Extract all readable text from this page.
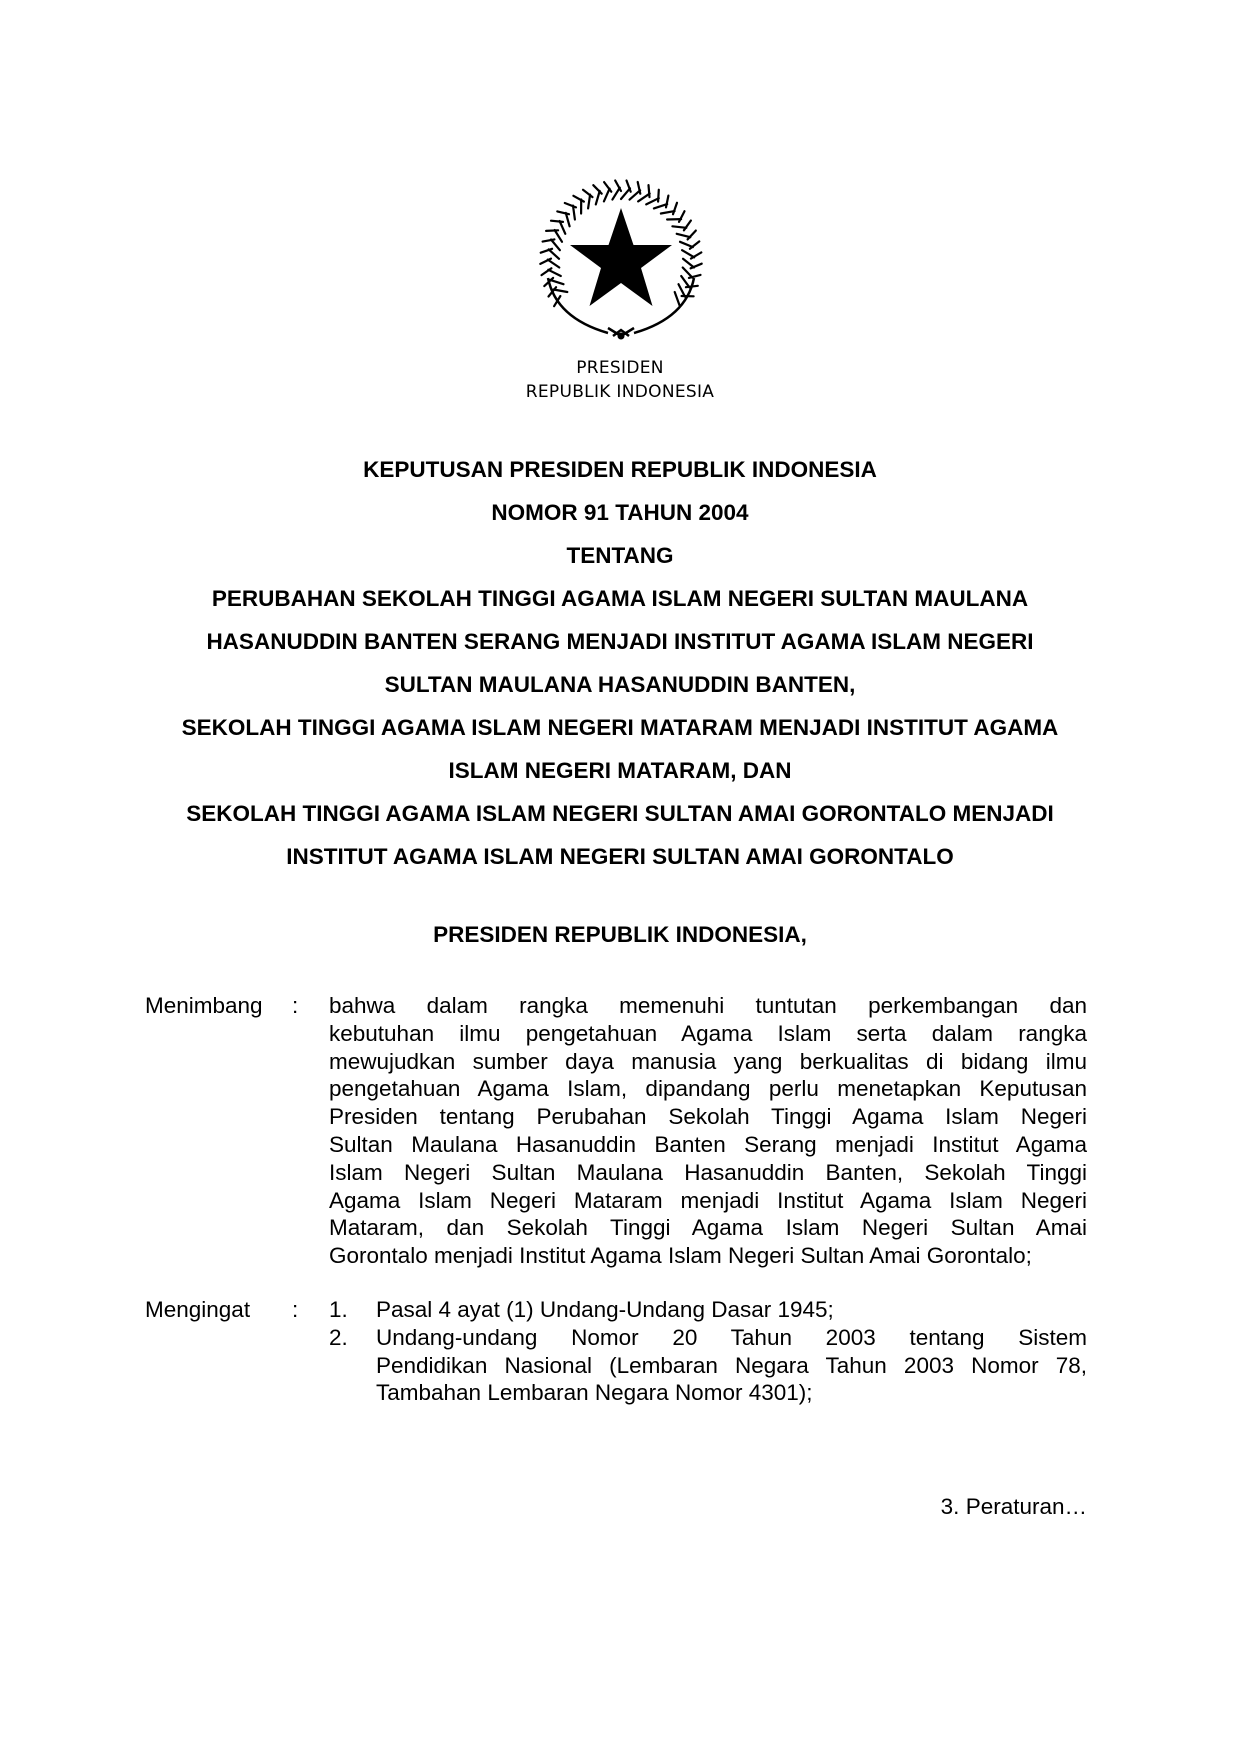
PRESIDEN
REPUBLIK INDONESIA
KEPUTUSAN PRESIDEN REPUBLIK INDONESIA
NOMOR 91 TAHUN 2004
TENTANG
PERUBAHAN SEKOLAH TINGGI AGAMA ISLAM NEGERI SULTAN MAULANA
HASANUDDIN BANTEN SERANG MENJADI INSTITUT AGAMA ISLAM NEGERI
SULTAN MAULANA HASANUDDIN BANTEN,
SEKOLAH TINGGI AGAMA ISLAM NEGERI MATARAM MENJADI INSTITUT AGAMA
ISLAM NEGERI MATARAM, DAN
SEKOLAH TINGGI AGAMA ISLAM NEGERI SULTAN AMAI GORONTALO MENJADI
INSTITUT AGAMA ISLAM NEGERI SULTAN AMAI GORONTALO
PRESIDEN REPUBLIK INDONESIA,
Menimbang : bahwa dalam rangka memenuhi tuntutan perkembangan dan
kebutuhan ilmu pengetahuan Agama Islam serta dalam rangka
mewujudkan sumber daya manusia yang berkualitas di bidang ilmu
pengetahuan Agama Islam, dipandang perlu menetapkan Keputusan
Presiden tentang Perubahan Sekolah Tinggi Agama Islam Negeri
Sultan Maulana Hasanuddin Banten Serang menjadi Institut Agama
Islam Negeri Sultan Maulana Hasanuddin Banten, Sekolah Tinggi
Agama Islam Negeri Mataram menjadi Institut Agama Islam Negeri
Mataram, dan Sekolah Tinggi Agama Islam Negeri Sultan Amai
Gorontalo menjadi Institut Agama Islam Negeri Sultan Amai Gorontalo;
Mengingat : 1. Pasal 4 ayat (1) Undang-Undang Dasar 1945;
2. Undang-undang Nomor 20 Tahun 2003 tentang Sistem
Pendidikan Nasional (Lembaran Negara Tahun 2003 Nomor 78,
Tambahan Lembaran Negara Nomor 4301);
3. Peraturan…
